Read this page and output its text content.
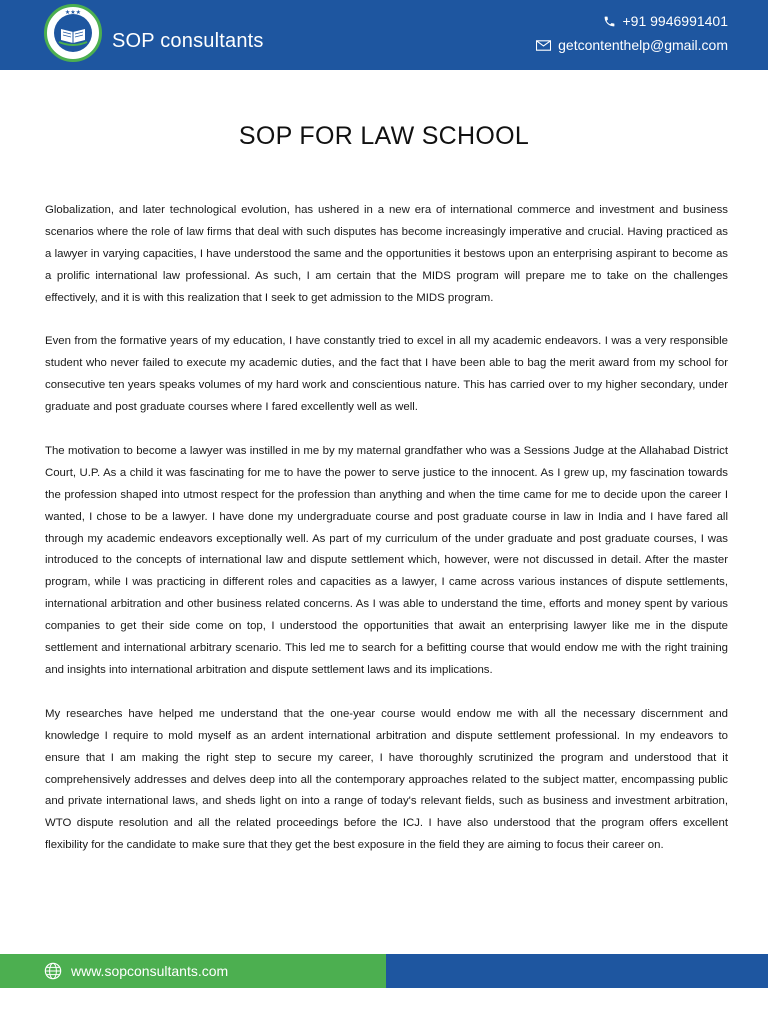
★★★
SOP consultants
+91 9946991401
getcontenthelp@gmail.com
SOP FOR LAW SCHOOL

Globalization, and later technological evolution, has ushered in a new era of international commerce and investment and business scenarios where the role of law firms that deal with such disputes has become increasingly imperative and crucial. Having practiced as a lawyer in varying capacities, I have understood the same and the opportunities it bestows upon an enterprising aspirant to become as a prolific international law professional. As such, I am certain that the MIDS program will prepare me to take on the challenges effectively, and it is with this realization that I seek to get admission to the MIDS program.

Even from the formative years of my education, I have constantly tried to excel in all my academic endeavors. I was a very responsible student who never failed to execute my academic duties, and the fact that I have been able to bag the merit award from my school for consecutive ten years speaks volumes of my hard work and conscientious nature. This has carried over to my higher secondary, under graduate and post graduate courses where I fared excellently well as well.

The motivation to become a lawyer was instilled in me by my maternal grandfather who was a Sessions Judge at the Allahabad District Court, U.P. As a child it was fascinating for me to have the power to serve justice to the innocent. As I grew up, my fascination towards the profession shaped into utmost respect for the profession than anything and when the time came for me to decide upon the career I wanted, I chose to be a lawyer. I have done my undergraduate course and post graduate course in law in India and I have fared all through my academic endeavors exceptionally well. As part of my curriculum of the under graduate and post graduate courses, I was introduced to the concepts of international law and dispute settlement which, however, were not discussed in detail. After the master program, while I was practicing in different roles and capacities as a lawyer, I came across various instances of dispute settlements, international arbitration and other business related concerns. As I was able to understand the time, efforts and money spent by various companies to get their side come on top, I understood the opportunities that await an enterprising lawyer like me in the dispute settlement and international arbitrary scenario. This led me to search for a befitting course that would endow me with the right training and insights into international arbitration and dispute settlement laws and its implications.

My researches have helped me understand that the one-year course would endow me with all the necessary discernment and knowledge I require to mold myself as an ardent international arbitration and dispute settlement professional. In my endeavors to ensure that I am making the right step to secure my career, I have thoroughly scrutinized the program and understood that it comprehensively addresses and delves deep into all the contemporary approaches related to the subject matter, encompassing public and private international laws, and sheds light on into a range of today's relevant fields, such as business and investment arbitration, WTO dispute resolution and all the related proceedings before the ICJ. I have also understood that the program offers excellent flexibility for the candidate to make sure that they get the best exposure in the field they are aiming to focus their career on.

www.sopconsultants.com
